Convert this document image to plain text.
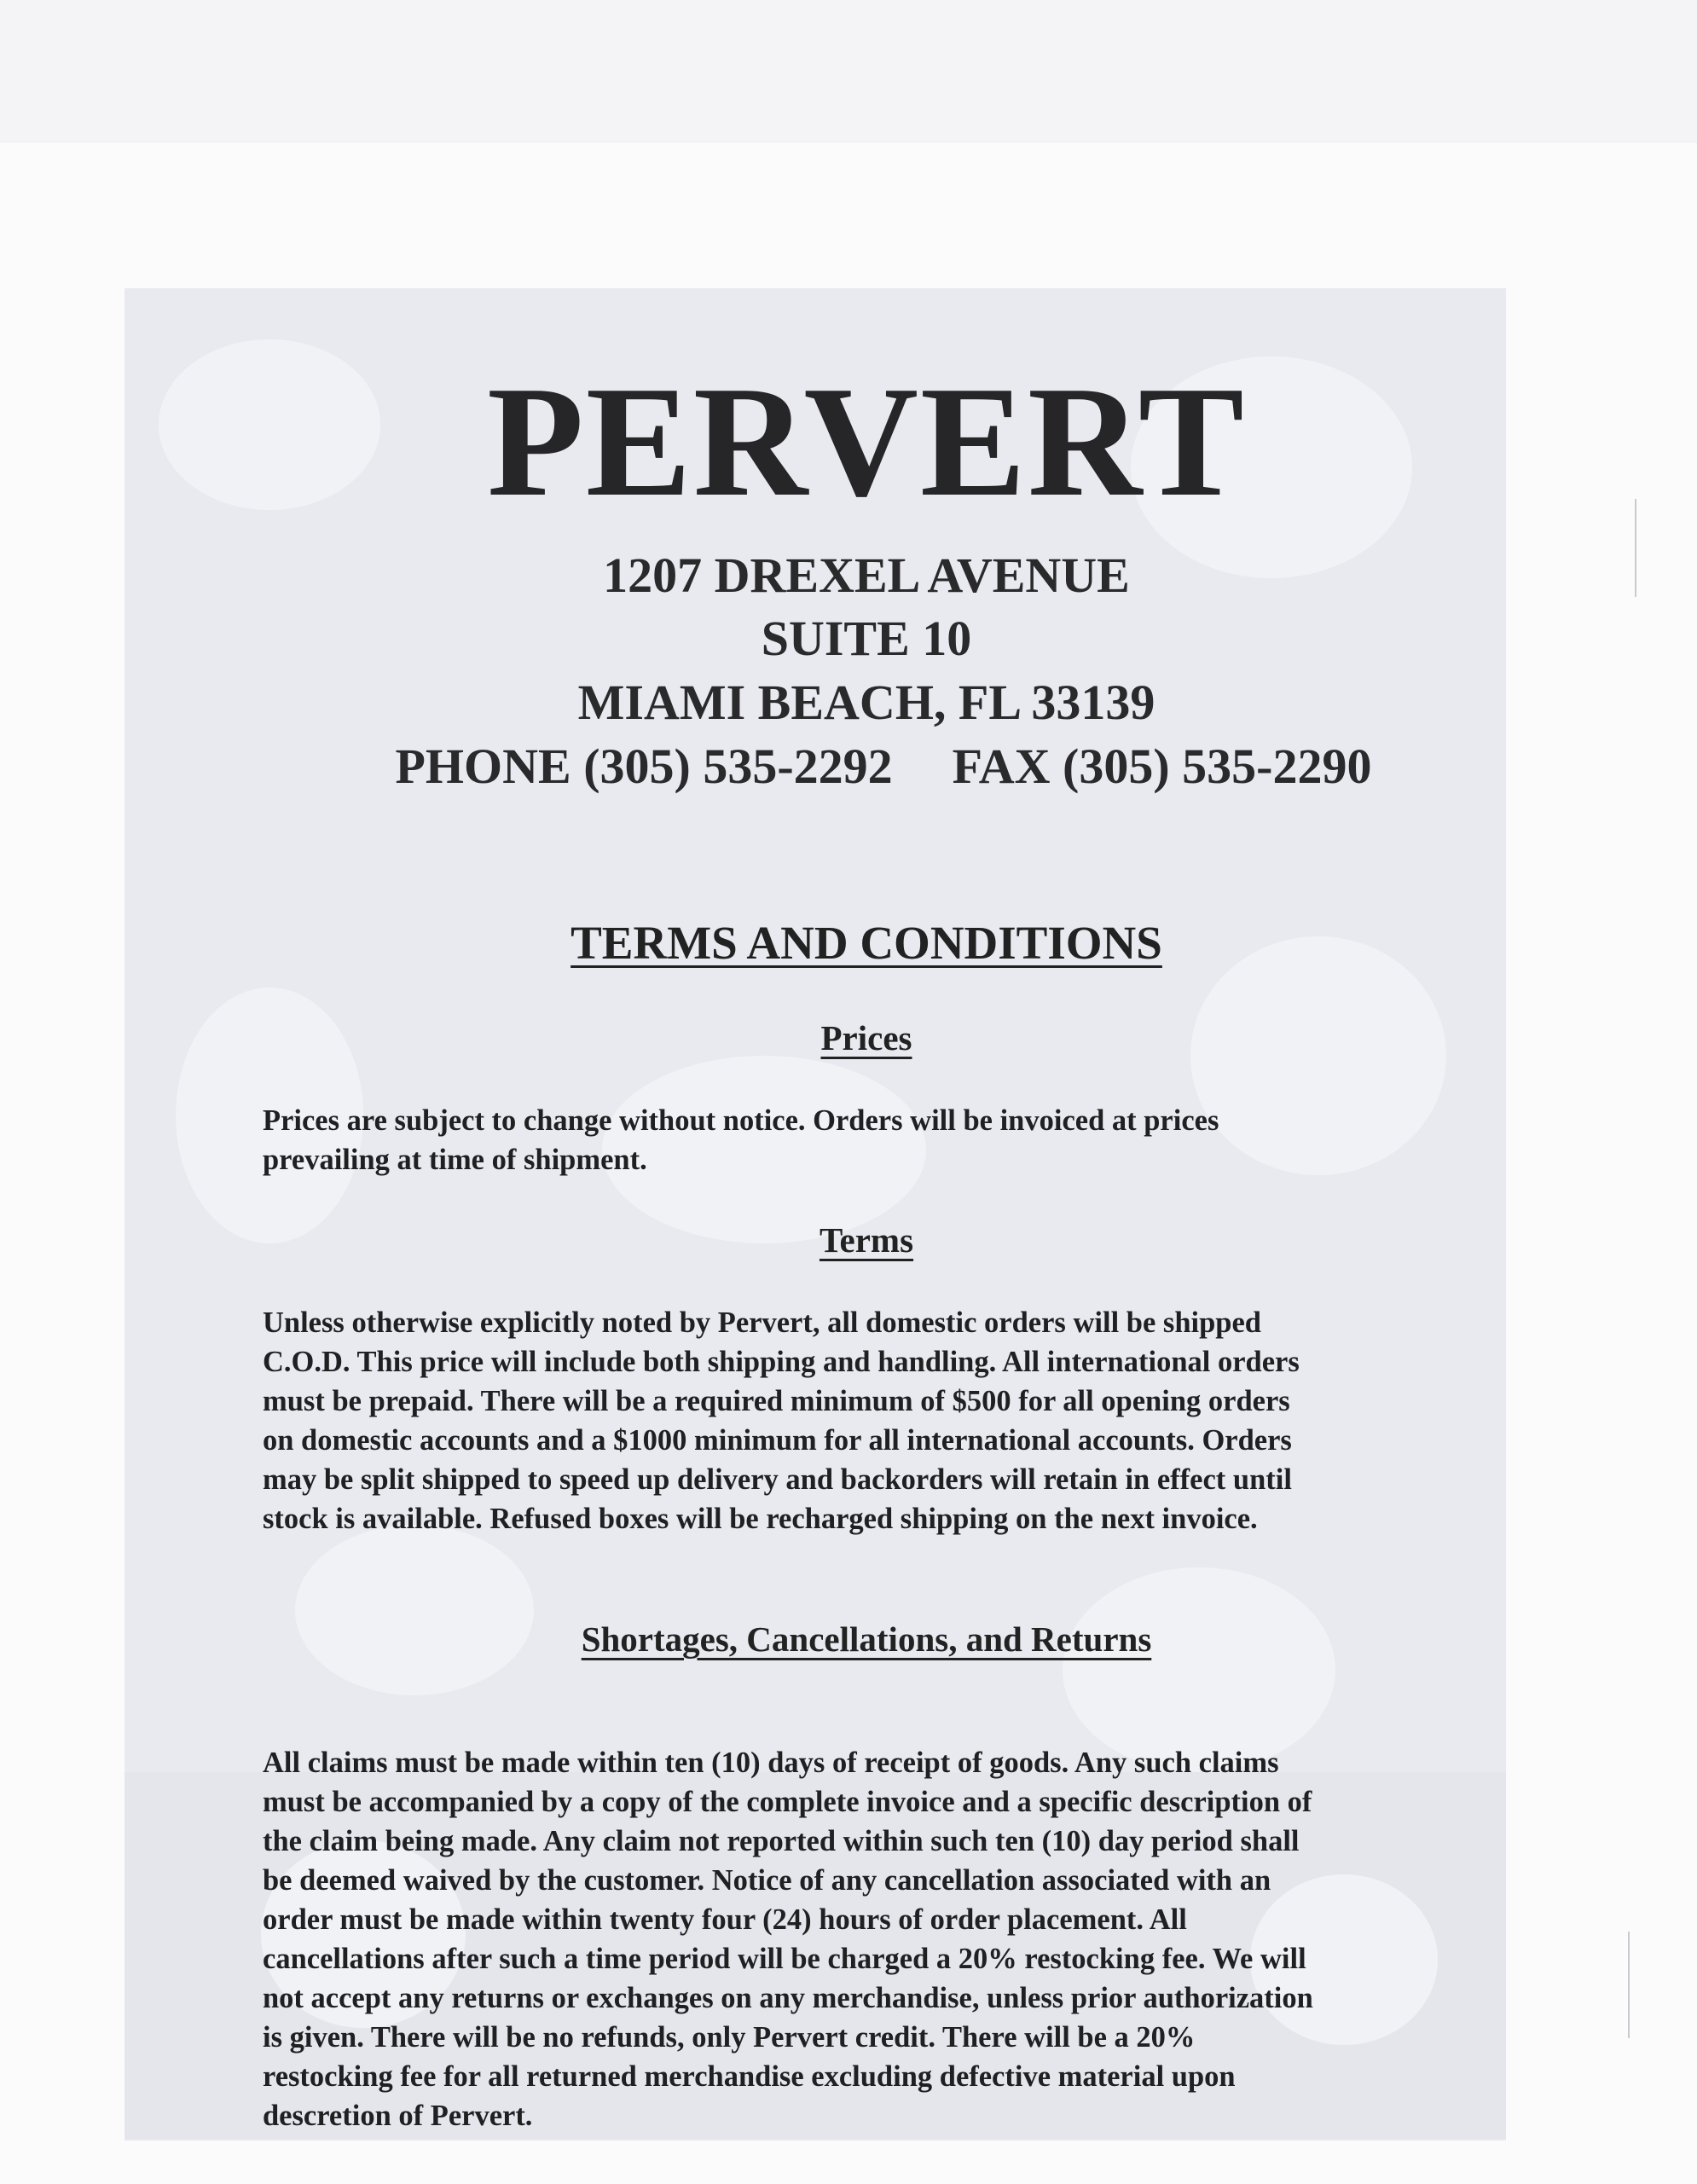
PERVERT
1207 DREXEL AVENUE
SUITE 10
MIAMI BEACH, FL 33139
PHONE (305) 535-2292 FAX (305) 535-2290
TERMS AND CONDITIONS
Prices

Prices are subject to change without notice. Orders will be invoiced at prices
prevailing at time of shipment.

Terms

Unless otherwise explicitly noted by Pervert, all domestic orders will be shipped
C.O.D. This price will include both shipping and handling. All international orders
must be prepaid. There will be a required minimum of $500 for all opening orders
on domestic accounts and a $1000 minimum for all international accounts. Orders
may be split shipped to speed up delivery and backorders will retain in effect until
stock is available. Refused boxes will be recharged shipping on the next invoice.

Shortages, Cancellations, and Returns

All claims must be made within ten (10) days of receipt of goods. Any such claims
must be accompanied by a copy of the complete invoice and a specific description of
the claim being made. Any claim not reported within such ten (10) day period shall
be deemed waived by the customer. Notice of any cancellation associated with an
order must be made within twenty four (24) hours of order placement. All
cancellations after such a time period will be charged a 20% restocking fee. We will
not accept any returns or exchanges on any merchandise, unless prior authorization
is given. There will be no refunds, only Pervert credit. There will be a 20%
restocking fee for all returned merchandise excluding defective material upon
descretion of Pervert.
